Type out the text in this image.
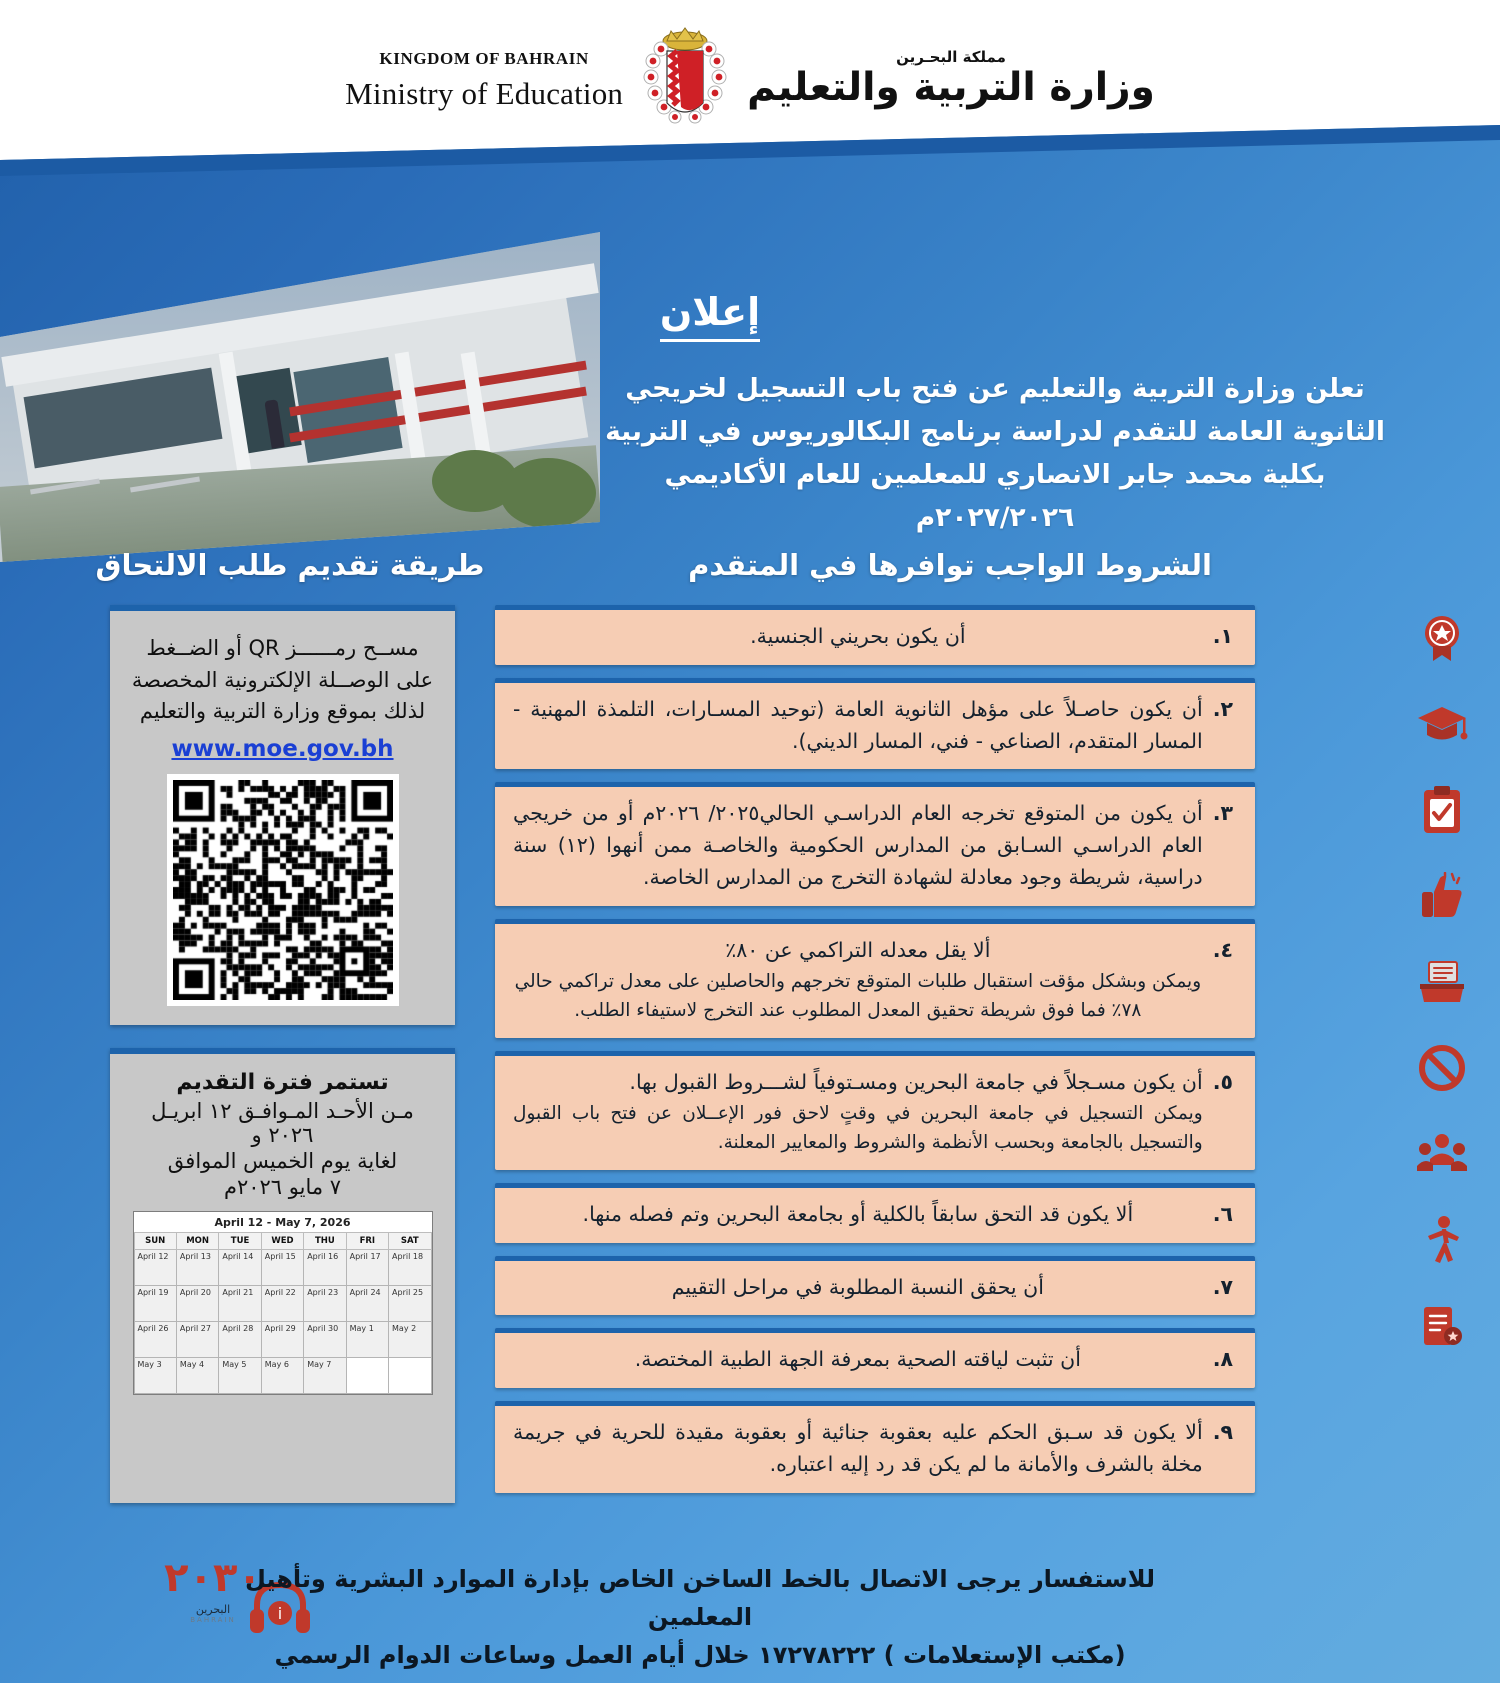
KINGDOM OF BAHRAIN
Ministry of Education
مملكة البحـرين
وزارة التربية والتعليم
إعلان
تعلن وزارة التربية والتعليم عن فتح باب التسجيل لخريجي الثانوية العامة للتقدم لدراسة برنامج البكالوريوس في التربية بكلية محمد جابر الانصاري للمعلمين للعام الأكاديمي ٢٠٢٧/٢٠٢٦م
الشروط الواجب توافرها في المتقدم
طريقة تقديم طلب الالتحاق
١.
أن يكون بحريني الجنسية.
٢.
أن يكون حاصـلاً على مؤهل الثانوية العامة (توحيد المسـارات، التلمذة المهنية - المسار المتقدم، الصناعي - فني، المسار الديني).
٣.
أن يكون من المتوقع تخرجه العام الدراسـي الحالي٢٠٢٥/ ٢٠٢٦م أو من خريجي العام الدراسـي السـابق من المدارس الحكومية والخاصـة ممن أنهوا (١٢) سنة دراسية، شريطة وجود معادلة لشهادة التخرج من المدارس الخاصة.
٤.
ألا يقل معدله التراكمي عن ٨٠٪
ويمكن وبشكل مؤقت استقبال طلبات المتوقع تخرجهم والحاصلين على معدل تراكمي حالي ٧٨٪ فما فوق شريطة تحقيق المعدل المطلوب عند التخرج لاستيفاء الطلب.
٥.
أن يكون مسـجلاً في جامعة البحرين ومسـتوفياً لشـــروط القبول بها.
ويمكن التسجيل في جامعة البحرين في وقتٍ لاحق فور الإعــلان عن فتح باب القبول والتسجيل بالجامعة وبحسب الأنظمة والشروط والمعايير المعلنة.
٦.
ألا يكون قد التحق سابقاً بالكلية أو بجامعة البحرين وتم فصله منها.
٧.
أن يحقق النسبة المطلوبة في مراحل التقييم
٨.
أن تثبت لياقته الصحية بمعرفة الجهة الطبية المختصة.
٩.
ألا يكون قد سـبق الحكم عليه بعقوبة جنائية أو بعقوبة مقيدة للحرية في جريمة مخلة بالشرف والأمانة ما لم يكن قد رد إليه اعتباره.
مســح رمــــــز QR أو الضــغط على الوصــلة الإلكترونية المخصصة لذلك بموقع وزارة التربية والتعليم
www.moe.gov.bh
تستمر فترة التقديم
مـن الأحـد المـوافـق ١٢ ابريـل ٢٠٢٦ و
لغاية يوم الخميس الموافق
٧ مايو ٢٠٢٦م
April 12 - May 7, 2026
SUN	MON	TUE	WED	THU	FRI	SAT
April 12	April 13	April 14	April 15	April 16	April 17	April 18
April 19	April 20	April 21	April 22	April 23	April 24	April 25
April 26	April 27	April 28	April 29	April 30	May 1	May 2
May 3	May 4	May 5	May 6	May 7		
i
للاستفسار يرجى الاتصال بالخط الساخن الخاص بإدارة الموارد البشرية وتأهيل المعلمين
(مكتب الإستعلامات ) ١٧٢٧٨٢٢٢ خلال أيام العمل وساعات الدوام الرسمي
٢٠٣٠
البحرين
BAHRAIN
